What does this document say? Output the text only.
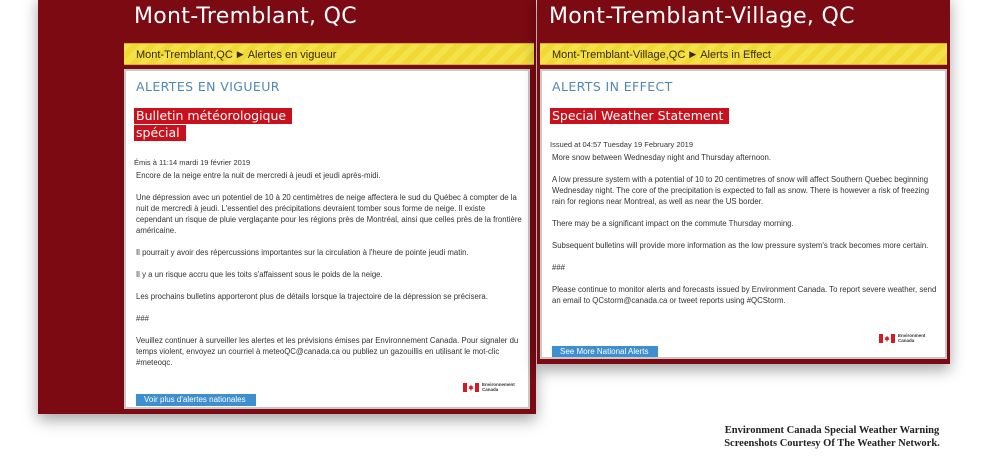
Mont-Tremblant, QC
Mont-Tremblant,QC ▶ Alertes en vigueur
ALERTES EN VIGUEUR
Bulletin météorologique
spécial
Émis à 11:14 mardi 19 février 2019

Encore de la neige entre la nuit de mercredi à jeudi et jeudi après-midi.

Une dépression avec un potentiel de 10 à 20 centimètres de neige affectera le sud du Québec à compter de la nuit de mercredi à jeudi. L'essentiel des précipitations devraient tomber sous forme de neige. Il existe cependant un risque de pluie verglaçante pour les régions près de Montréal, ainsi que celles près de la frontière américaine.

Il pourrait y avoir des répercussions importantes sur la circulation à l'heure de pointe jeudi matin.

Il y a un risque accru que les toits s'affaissent sous le poids de la neige.

Les prochains bulletins apporteront plus de détails lorsque la trajectoire de la dépression se précisera.

###

Veuillez continuer à surveiller les alertes et les prévisions émises par Environnement Canada. Pour signaler du temps violent, envoyez un courriel à meteoQC@canada.ca ou publiez un gazouillis en utilisant le mot-clic #meteoqc.

Environnement
Canada
Voir plus d'alertes nationales
Mont-Tremblant-Village, QC
Mont-Tremblant-Village,QC ▶ Alerts in Effect
ALERTS IN EFFECT
Special Weather Statement
Issued at 04:57 Tuesday 19 February 2019

More snow between Wednesday night and Thursday afternoon.

A low pressure system with a potential of 10 to 20 centimetres of snow will affect Southern Quebec beginning Wednesday night. The core of the precipitation is expected to fall as snow. There is however a risk of freezing rain for regions near Montreal, as well as near the US border.

There may be a significant impact on the commute Thursday morning.

Subsequent bulletins will provide more information as the low pressure system's track becomes more certain.

###

Please continue to monitor alerts and forecasts issued by Environment Canada. To report severe weather, send an email to QCstorm@canada.ca or tweet reports using #QCStorm.

Environment
Canada
See More National Alerts
Environment Canada Special Weather Warning
Screenshots Courtesy Of The Weather Network.
